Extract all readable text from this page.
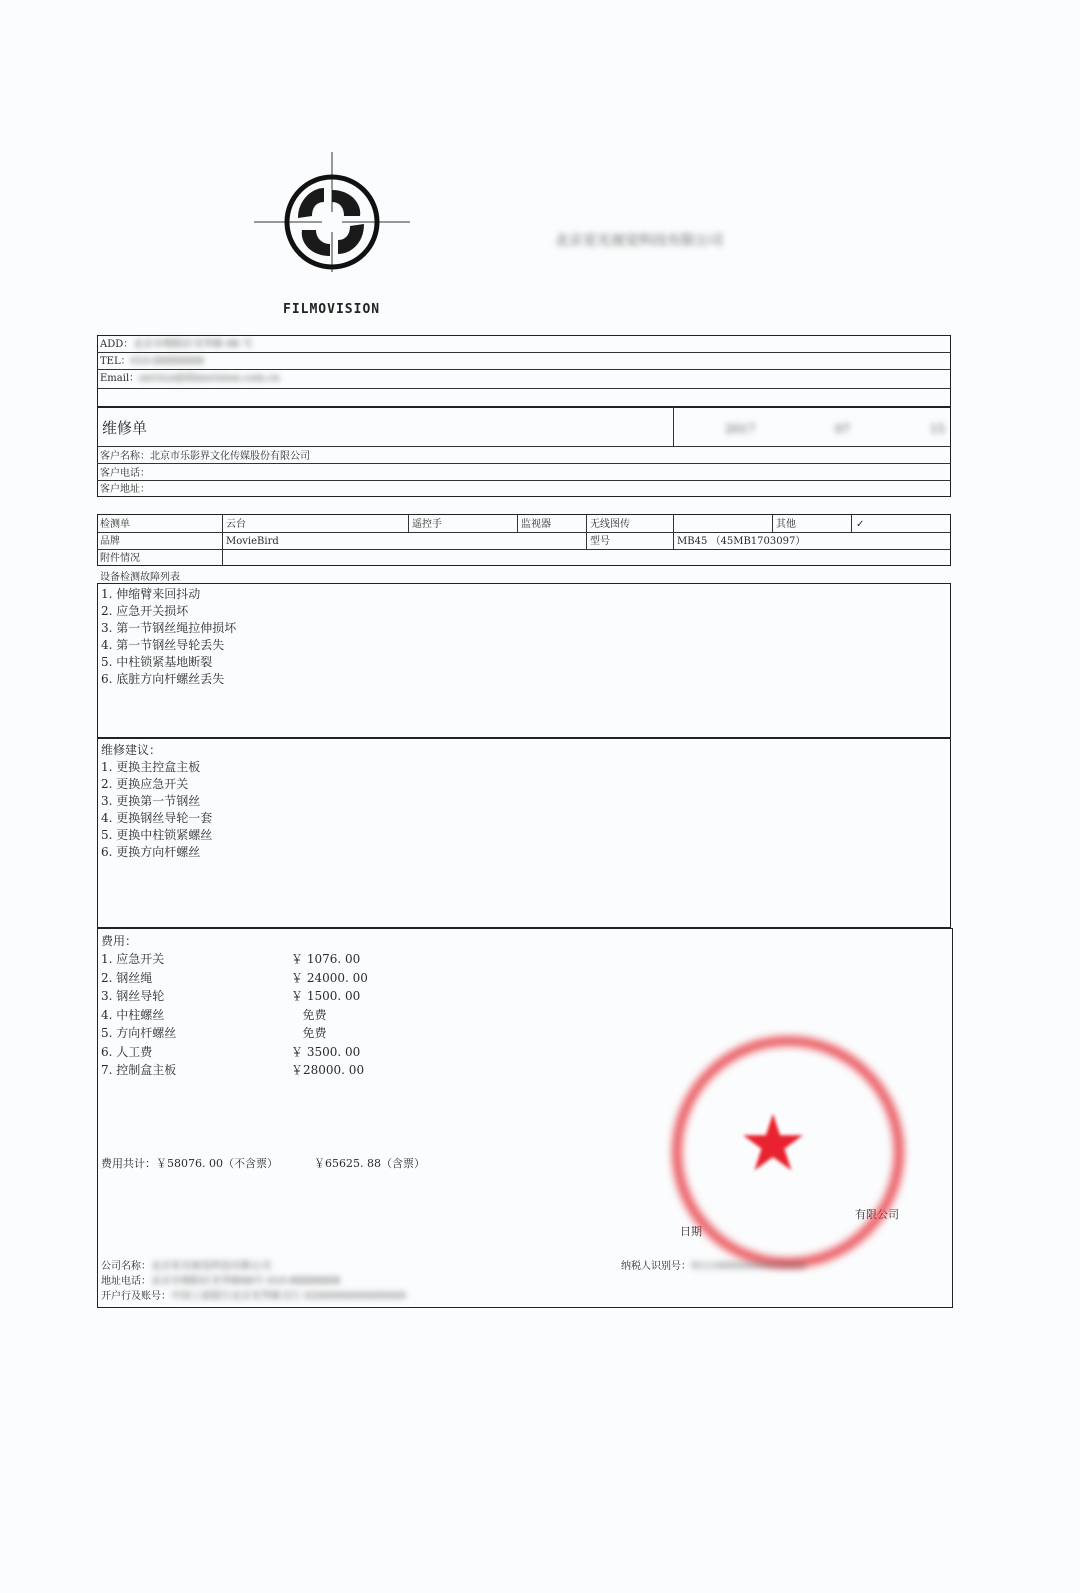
FILMOVISION
北京星光视觉科技有限公司
ADD：北京市朝阳区光华路 88 号
TEL：010-88888888
Email：service@filmovision.com.cn
维修单	2017	07	15
客户名称：北京市乐影界文化传媒股份有限公司
客户电话：
客户地址：
检测单	云台	遥控手	监视器	无线图传	其他	✓
品牌	MovieBird	型号	MB45 （45MB1703097）
附件情况
设备检测故障列表
1. 伸缩臂来回抖动
2. 应急开关损坏
3. 第一节钢丝绳拉伸损坏
4. 第一节钢丝导轮丢失
5. 中柱锁紧基地断裂
6. 底脏方向杆螺丝丢失
维修建议：
1. 更换主控盒主板
2. 更换应急开关
3. 更换第一节钢丝
4. 更换钢丝导轮一套
5. 更换中柱锁紧螺丝
6. 更换方向杆螺丝
费用：
1. 应急开关	￥ 1076. 00
2. 钢丝绳	￥ 24000. 00
3. 钢丝导轮	￥ 1500. 00
4. 中柱螺丝	免费
5. 方向杆螺丝	免费
6. 人工费	￥ 3500. 00
7. 控制盒主板	￥28000. 00
费用共计：￥58076. 00（不含票）	￥65625. 88（含票）
有限公司
日期
★
公司名称：北京星光视觉科技有限公司
地址电话：北京市朝阳区光华路88号 010-88888888
开户行及账号：中国工商银行北京光华路支行 0200000000000000
纳税人识别号：911100000000000000
